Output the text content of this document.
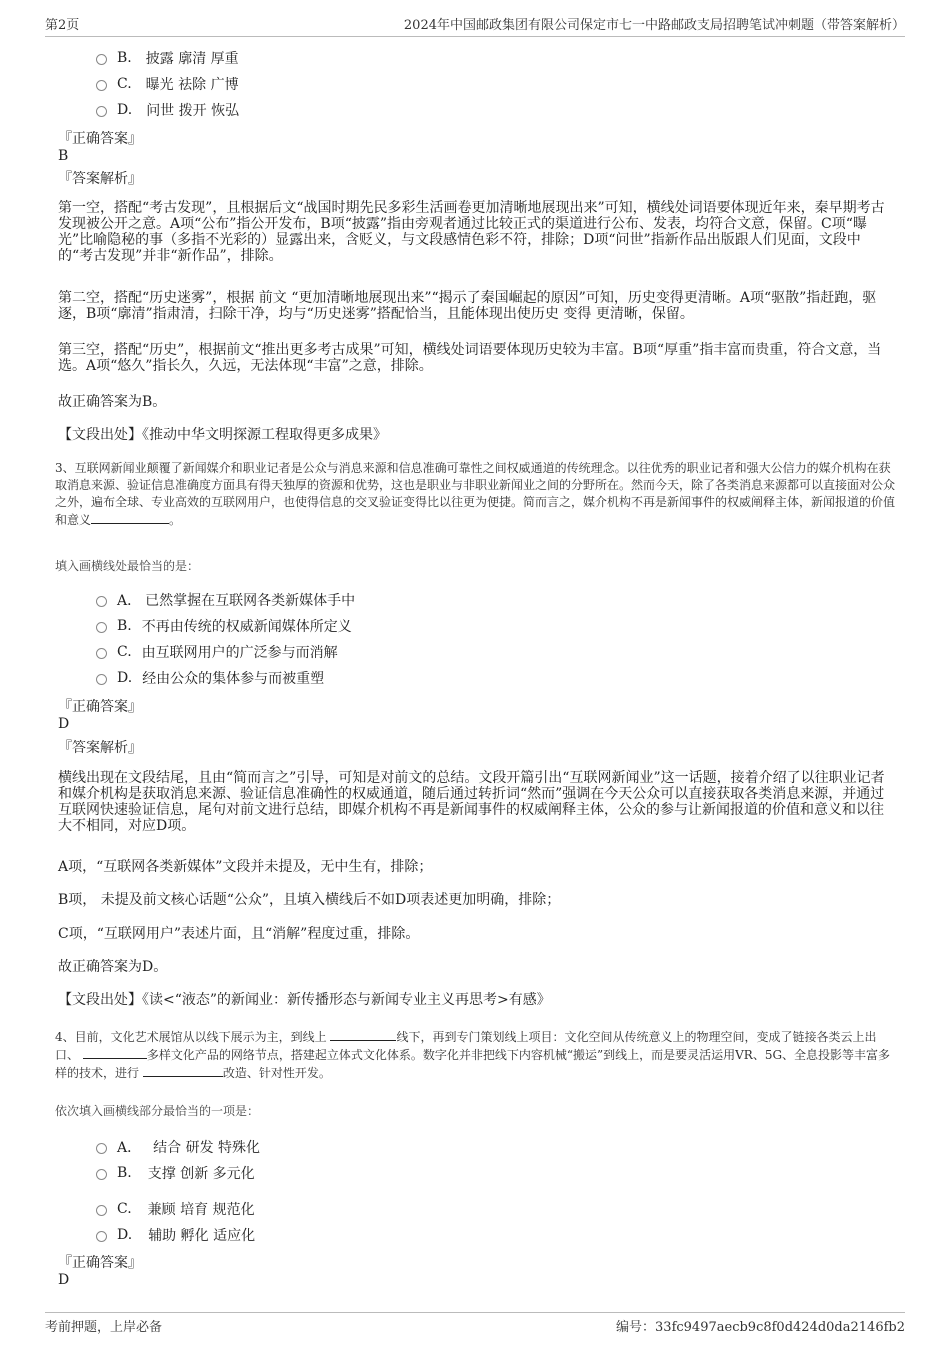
第2页	2024年中国邮政集团有限公司保定市七一中路邮政支局招聘笔试冲刺题（带答案解析）
B. 披露 廓清 厚重
C. 曝光 祛除 广博
D. 问世 拨开 恢弘
『正确答案』
B
『答案解析』
第一空，搭配“考古发现”，且根据后文“战国时期先民多彩生活画卷更加清晰地展现出来”可知，横线处词语要体现近年来，秦早期考古发现被公开之意。A项“公布”指公开发布，B项“披露”指由旁观者通过比较正式的渠道进行公布、发表，均符合文意，保留。C项“曝光”比喻隐秘的事（多指不光彩的）显露出来，含贬义，与文段感情色彩不符，排除；D项“问世”指新作品出版跟人们见面，文段中的“考古发现”并非“新作品”，排除。
第二空，搭配“历史迷雾”，根据 前文 “更加清晰地展现出来”“揭示了秦国崛起的原因”可知，历史变得更清晰。A项“驱散”指赶跑，驱逐，B项“廓清”指肃清，扫除干净，均与“历史迷雾”搭配恰当，且能体现出使历史 变得 更清晰，保留。
第三空，搭配“历史”，根据前文“推出更多考古成果”可知，横线处词语要体现历史较为丰富。B项“厚重”指丰富而贵重，符合文意，当选。A项“悠久”指长久，久远，无法体现“丰富”之意，排除。
故正确答案为B。
【文段出处】《推动中华文明探源工程取得更多成果》
3、互联网新闻业颠覆了新闻媒介和职业记者是公众与消息来源和信息准确可靠性之间权威通道的传统理念。以往优秀的职业记者和强大公信力的媒介机构在获取消息来源、验证信息准确度方面具有得天独厚的资源和优势，这也是职业与非职业新闻业之间的分野所在。然而今天，除了各类消息来源都可以直接面对公众之外，遍布全球、专业高效的互联网用户，也使得信息的交叉验证变得比以往更为便捷。简而言之，媒介机构不再是新闻事件的权威阐释主体，新闻报道的价值和意义	。
填入画横线处最恰当的是：
A． 已然掌握在互联网各类新媒体手中
B. 不再由传统的权威新闻媒体所定义
C. 由互联网用户的广泛参与而消解
D. 经由公众的集体参与而被重塑
『正确答案』
D
『答案解析』
横线出现在文段结尾，且由“简而言之”引导，可知是对前文的总结。文段开篇引出“互联网新闻业”这一话题，接着介绍了以往职业记者和媒介机构是获取消息来源、验证信息准确性的权威通道，随后通过转折词“然而”强调在今天公众可以直接获取各类消息来源，并通过互联网快速验证信息，尾句对前文进行总结，即媒介机构不再是新闻事件的权威阐释主体，公众的参与让新闻报道的价值和意义和以往大不相同，对应D项。
A项，“互联网各类新媒体”文段并未提及，无中生有，排除；
B项， 未提及前文核心话题“公众”，且填入横线后不如D项表述更加明确，排除；
C项，“互联网用户”表述片面，且“消解”程度过重，排除。
故正确答案为D。
【文段出处】《读<“液态”的新闻业：新传播形态与新闻专业主义再思考>有感》
4、目前，文化艺术展馆从以线下展示为主，到线上	线下，再到专门策划线上项目：文化空间从传统意义上的物理空间，变成了链接各类云上出口、	多样文化产品的网络节点，搭建起立体式文化体系。数字化并非把线下内容机械“搬运”到线上，而是要灵活运用VR、5G、全息投影等丰富多样的技术，进行	改造、针对性开发。
依次填入画横线部分最恰当的一项是：
A． 结合 研发 特殊化
B. 支撑 创新 多元化
C. 兼顾 培育 规范化
D. 辅助 孵化 适应化
『正确答案』
D
考前押题，上岸必备	编号：33fc9497aecb9c8f0d424d0da2146fb2
